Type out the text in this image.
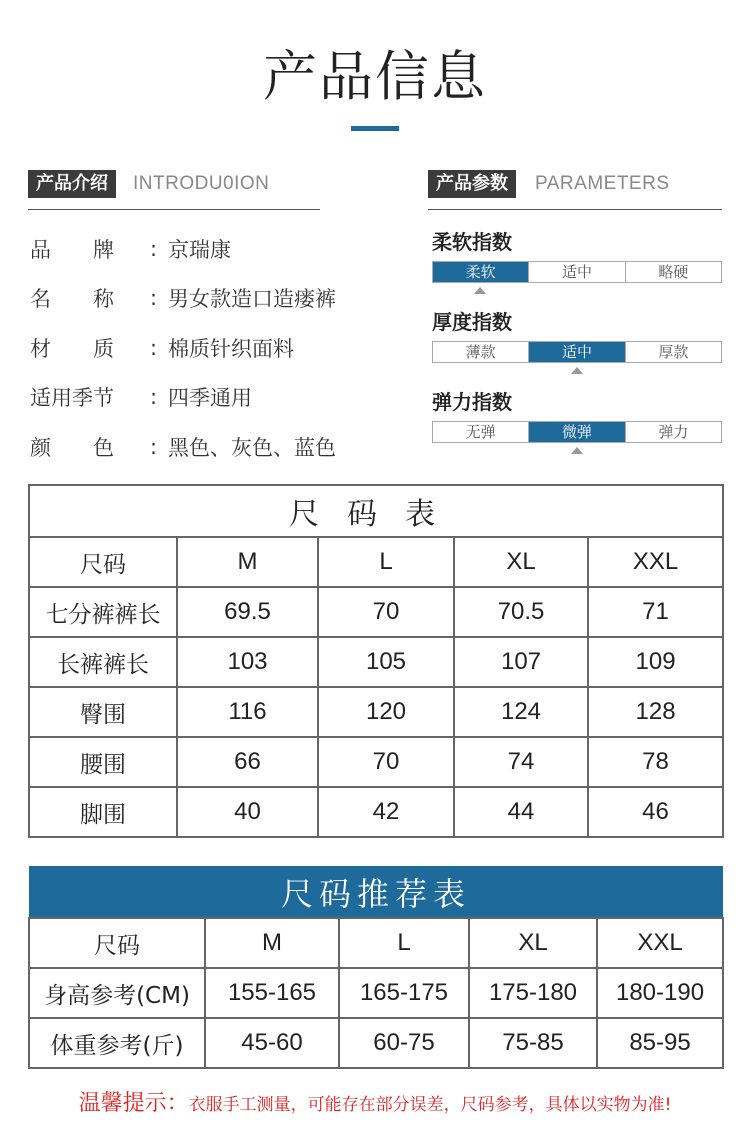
产品信息
产品介绍	INTRODU0ION	产品参数	PARAMETERS
品　　牌	: 京瑞康
名　　称	: 男女款造口造瘘裤
材　　质	: 棉质针织面料
适用季节	: 四季通用
颜　　色	: 黑色、灰色、蓝色
柔软指数
柔软	适中	略硬
厚度指数
薄款	适中	厚款
弹力指数
无弹	微弹	弹力
尺码表				
尺码	M	L	XL	XXL
七分裤裤长	69.5	70	70.5	71
长裤裤长	103	105	107	109
臀围	116	120	124	128
腰围	66	70	74	78
脚围	40	42	44	46
尺码推荐表				
尺码	M	L	XL	XXL
身高参考(CM)	155-165	165-175	175-180	180-190
体重参考(斤)	45-60	60-75	75-85	85-95
温馨提示：衣服手工测量，可能存在部分误差，尺码参考，具体以实物为准!
